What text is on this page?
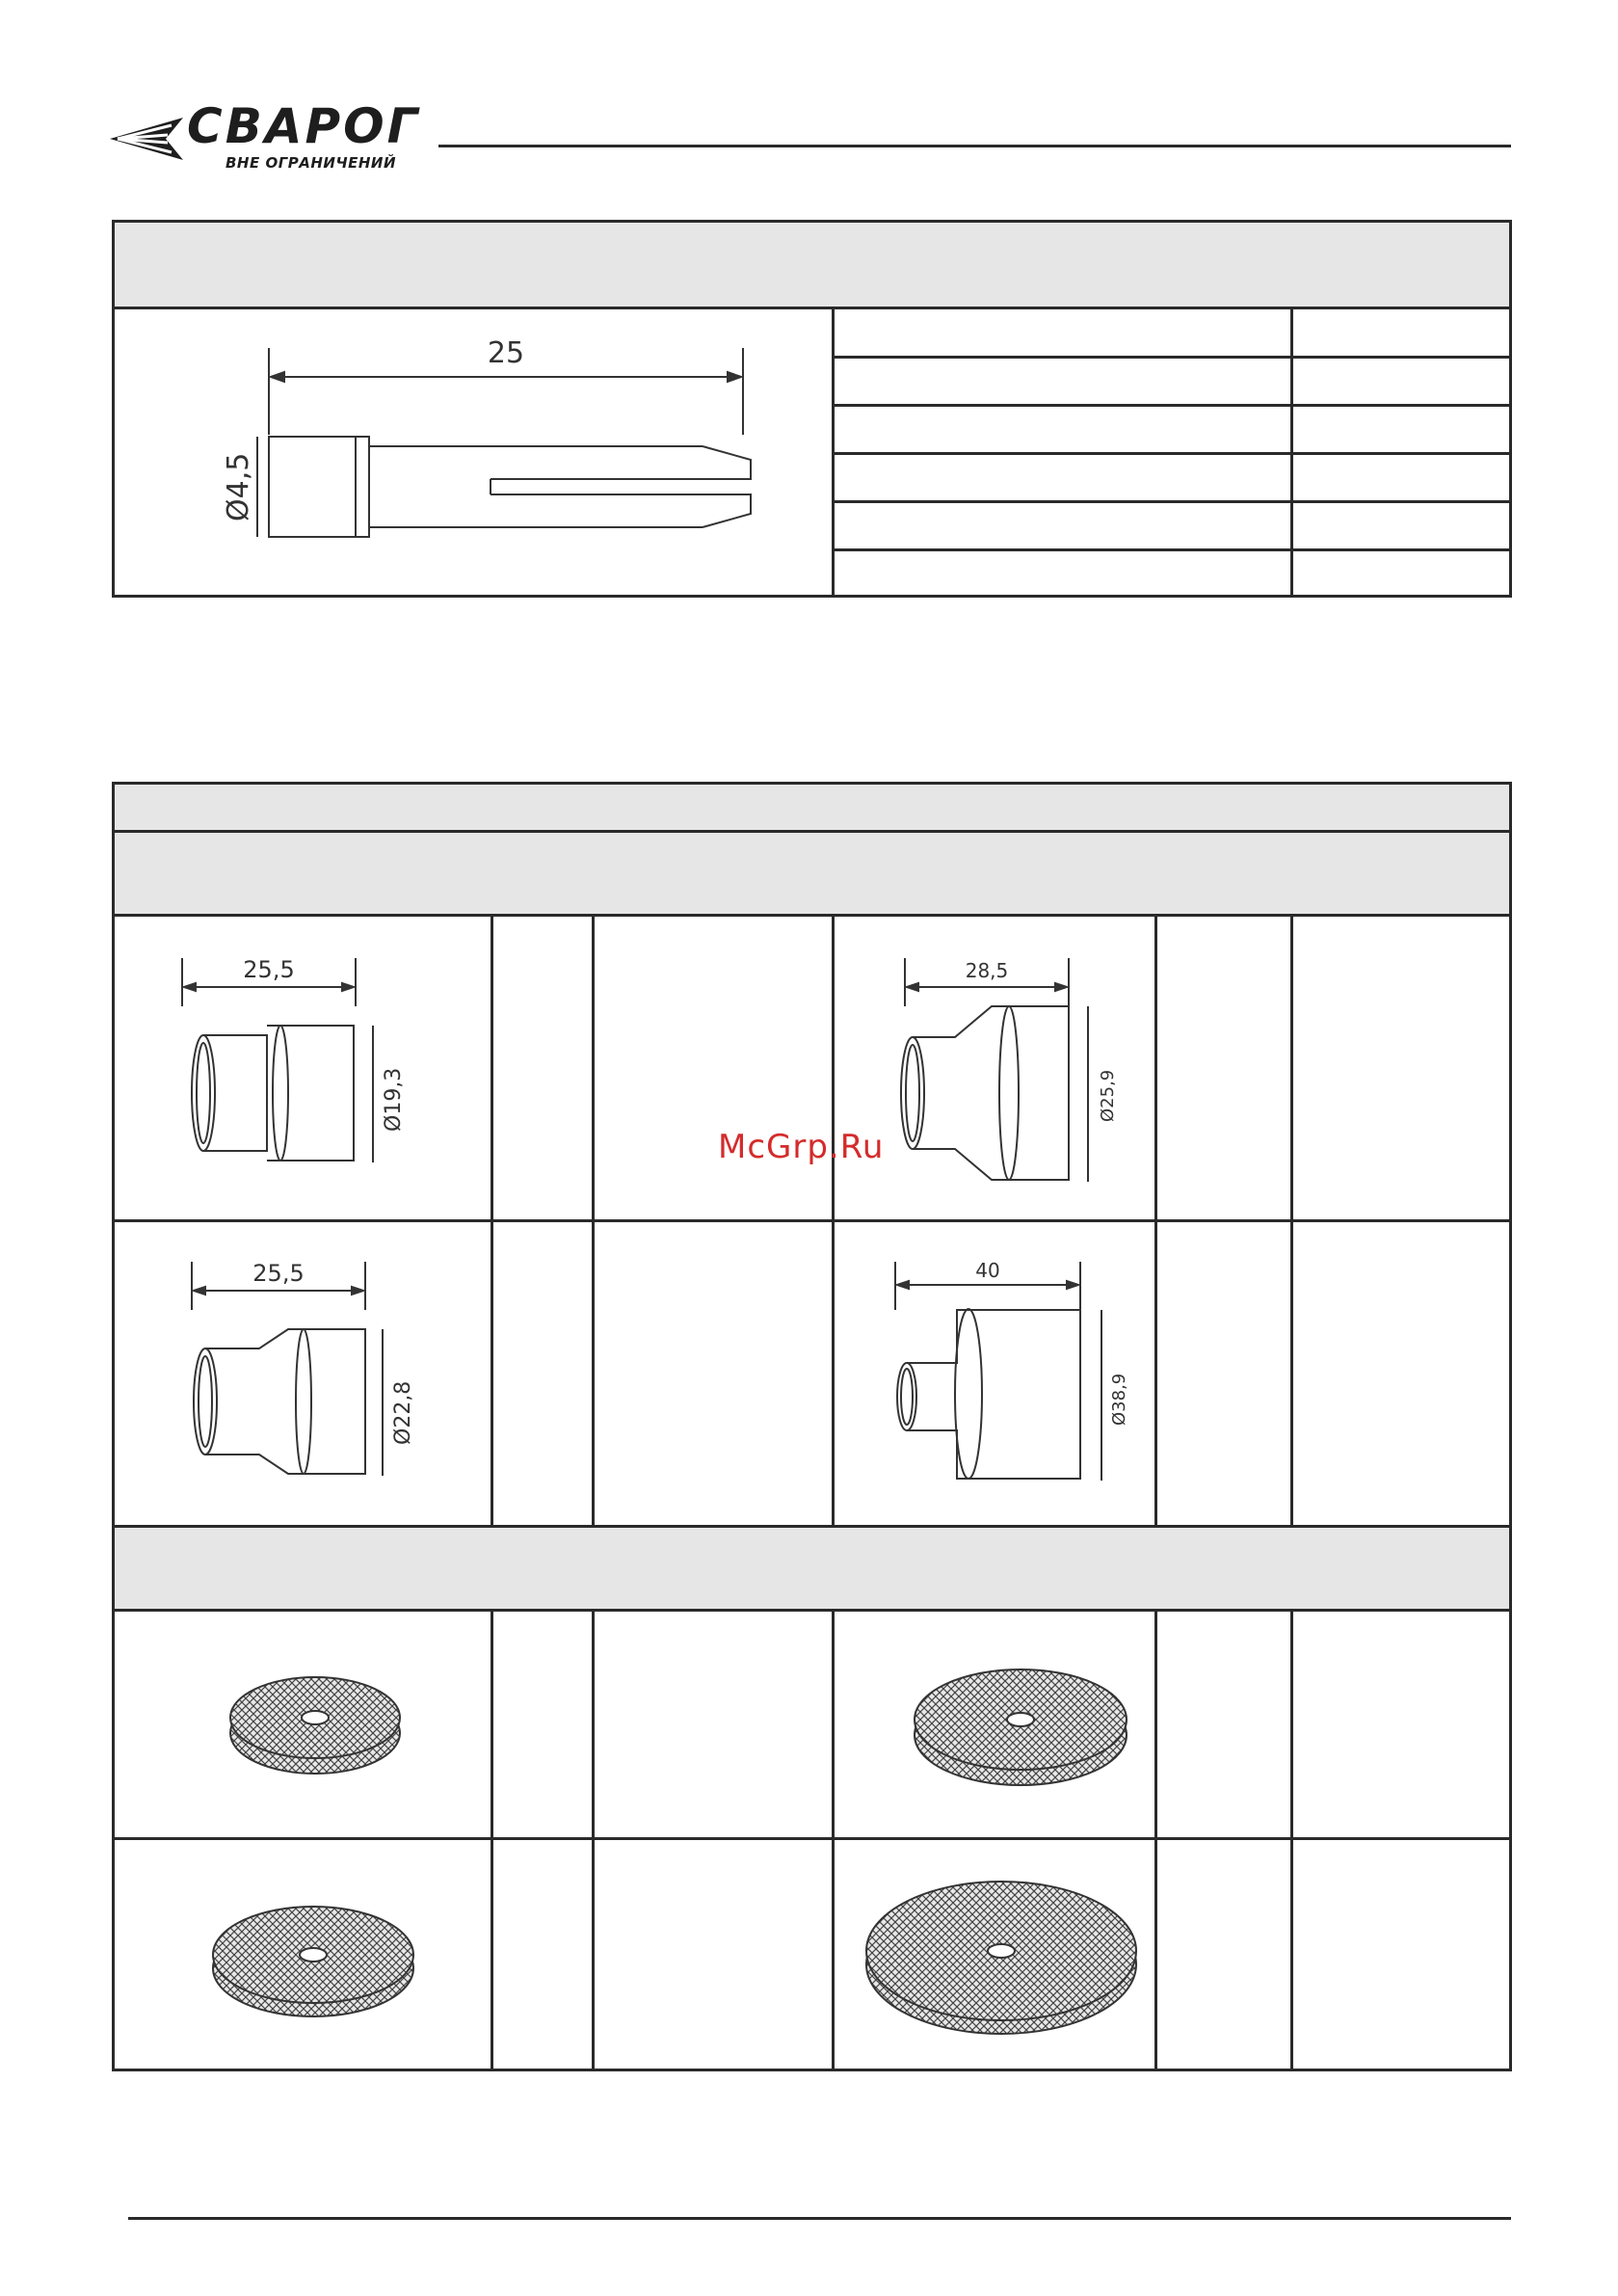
СВАРОГ
ВНЕ ОГРАНИЧЕНИЙ
25
Ø4,5
25,5
Ø19,3
28,5
Ø25,9
25,5
Ø22,8
40
Ø38,9
McGrp.Ru
